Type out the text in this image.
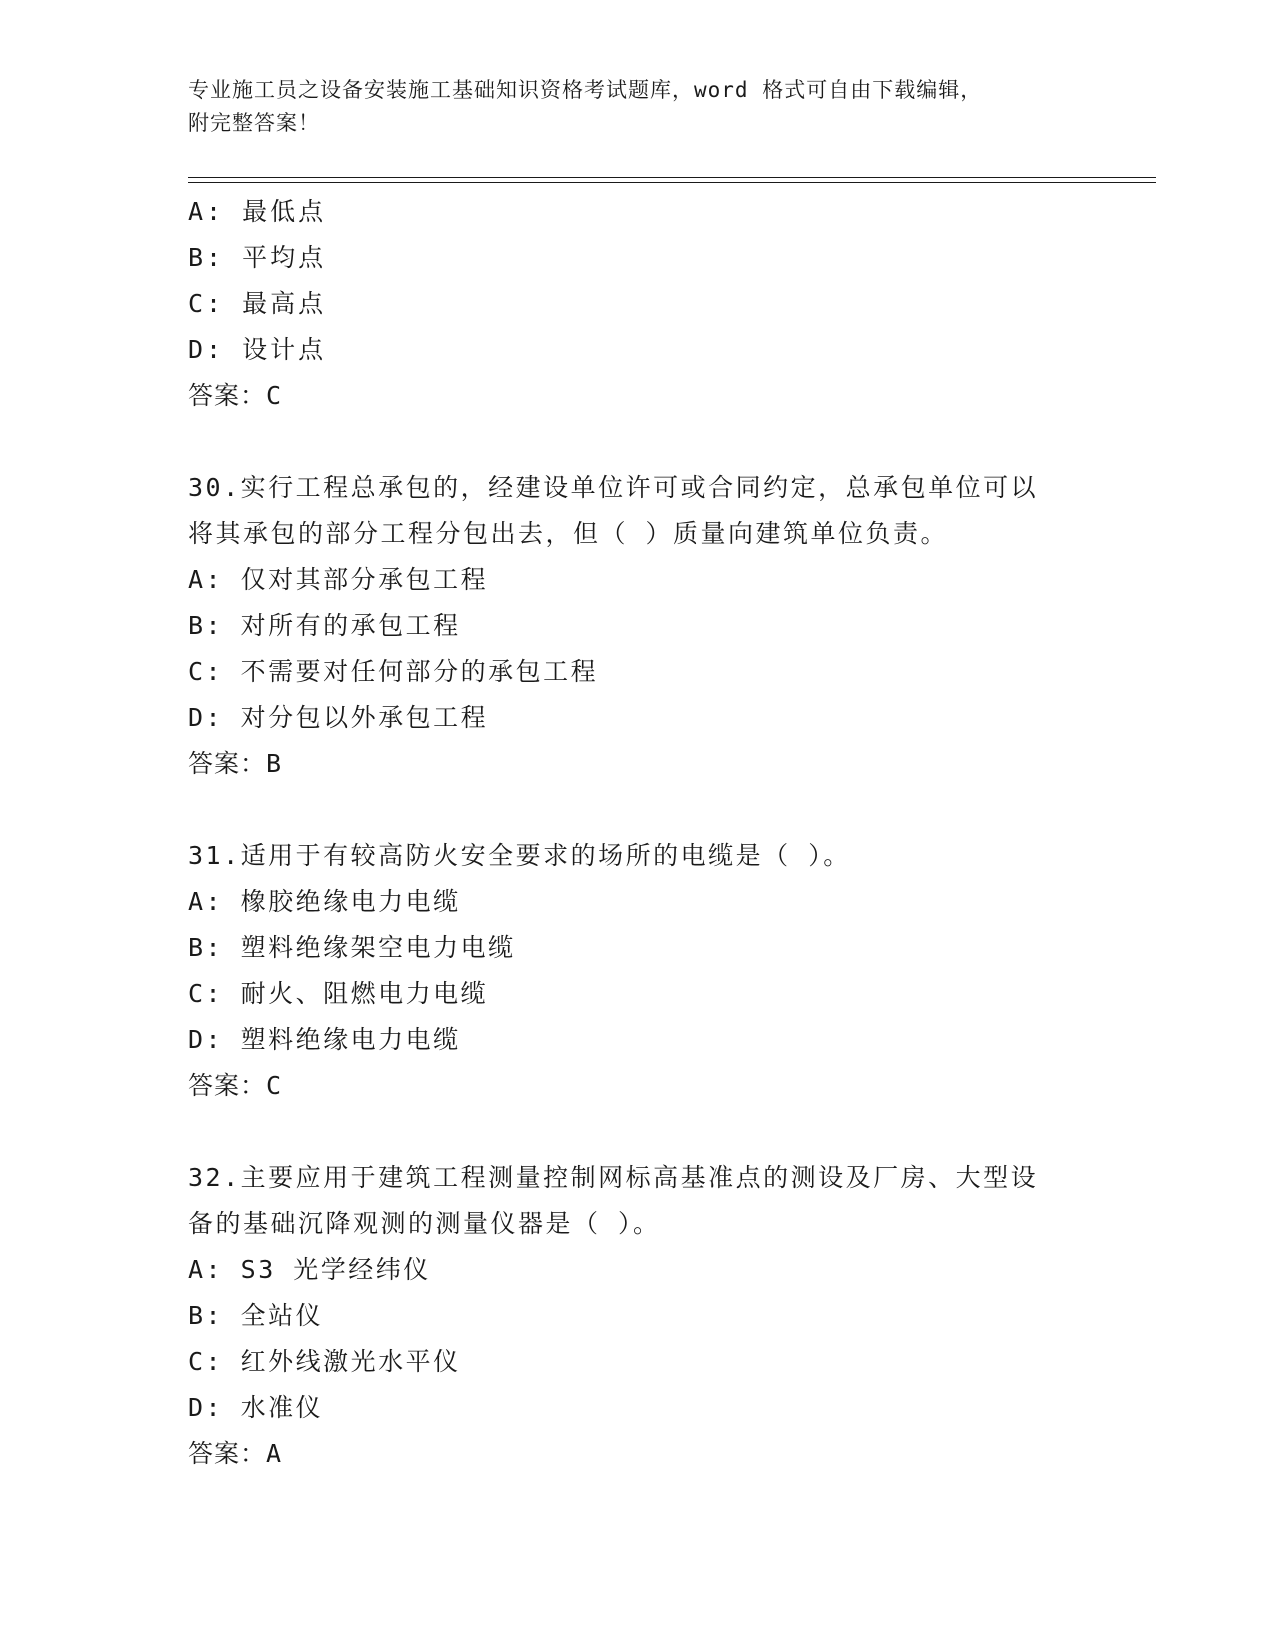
专业施工员之设备安装施工基础知识资格考试题库，word 格式可自由下载编辑，
附完整答案！
A: 最低点
B: 平均点
C: 最高点
D: 设计点
答案：C
30.实行工程总承包的，经建设单位许可或合同约定，总承包单位可以
将其承包的部分工程分包出去，但（ ）质量向建筑单位负责。
A: 仅对其部分承包工程
B: 对所有的承包工程
C: 不需要对任何部分的承包工程
D: 对分包以外承包工程
答案：B
31.适用于有较高防火安全要求的场所的电缆是（ ）。
A: 橡胶绝缘电力电缆
B: 塑料绝缘架空电力电缆
C: 耐火、阻燃电力电缆
D: 塑料绝缘电力电缆
答案：C
32.主要应用于建筑工程测量控制网标高基准点的测设及厂房、大型设
备的基础沉降观测的测量仪器是（ ）。
A: S3 光学经纬仪
B: 全站仪
C: 红外线激光水平仪
D: 水准仪
答案：A
